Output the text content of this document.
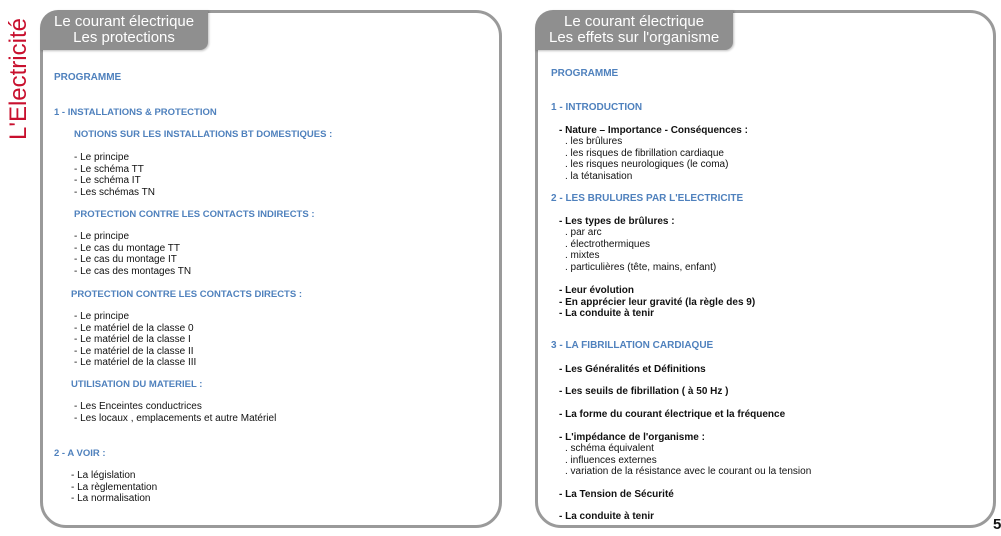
L'Electricité Le courant électrique
Les protections
PROGRAMME
1 - INSTALLATIONS & PROTECTION
NOTIONS SUR LES INSTALLATIONS BT DOMESTIQUES :
- Le principe
- Le schéma TT
- Le schéma IT
- Les schémas TN
PROTECTION CONTRE LES CONTACTS INDIRECTS :
- Le principe
- Le cas du montage TT
- Le cas du montage IT
- Le cas des montages TN
PROTECTION CONTRE LES CONTACTS DIRECTS :
- Le principe
- Le matériel de la classe 0
- Le matériel de la classe I
- Le matériel de la classe II
- Le matériel de la classe III
UTILISATION DU MATERIEL :
- Les Enceintes conductrices
- Les locaux , emplacements et autre Matériel
2 - A VOIR :
- La législation
- La règlementation
- La normalisation
Le courant électrique
Les effets sur l'organisme
PROGRAMME
1 - INTRODUCTION
- Nature – Importance - Conséquences :
. les brûlures
. les risques de fibrillation cardiaque
. les risques neurologiques (le coma)
. la tétanisation
2 - LES BRULURES PAR L'ELECTRICITE
- Les types de brûlures :
. par arc
. électrothermiques
. mixtes
. particulières (tête, mains, enfant)
- Leur évolution
- En apprécier leur gravité (la règle des 9)
- La conduite à tenir
3 - LA FIBRILLATION CARDIAQUE
- Les Généralités et Définitions
- Les seuils de fibrillation ( à 50 Hz )
- La forme du courant électrique et la fréquence
- L'impédance de l'organisme :
. schéma équivalent
. influences externes
. variation de la résistance avec le courant ou la tension
- La Tension de Sécurité
- La conduite à tenir	5
